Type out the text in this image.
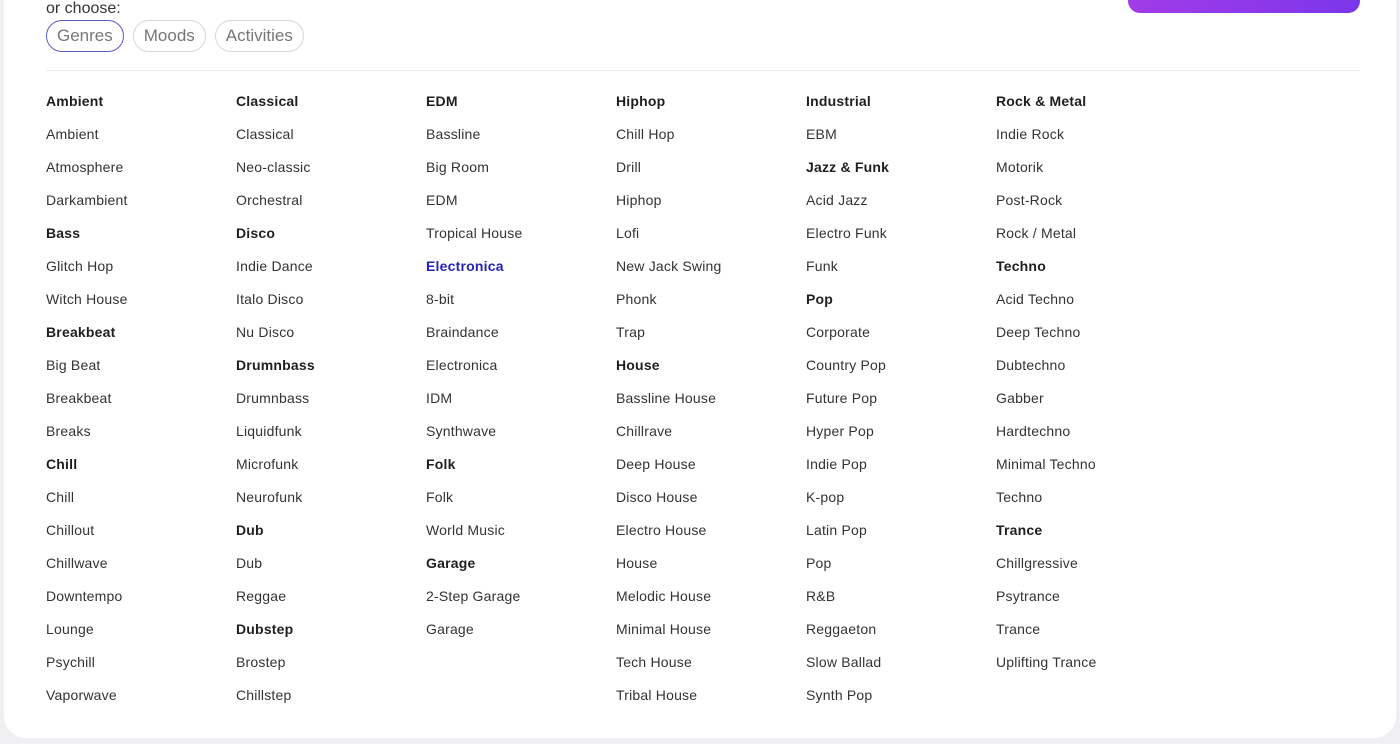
or choose:
Genres	Moods	Activities
Ambient
Ambient
Atmosphere
Darkambient
Bass
Glitch Hop
Witch House
Breakbeat
Big Beat
Breakbeat
Breaks
Chill
Chill
Chillout
Chillwave
Downtempo
Lounge
Psychill
Vaporwave
Classical
Classical
Neo-classic
Orchestral
Disco
Indie Dance
Italo Disco
Nu Disco
Drumnbass
Drumnbass
Liquidfunk
Microfunk
Neurofunk
Dub
Dub
Reggae
Dubstep
Brostep
Chillstep
EDM
Bassline
Big Room
EDM
Tropical House
Electronica
8-bit
Braindance
Electronica
IDM
Synthwave
Folk
Folk
World Music
Garage
2-Step Garage
Garage
Hiphop
Chill Hop
Drill
Hiphop
Lofi
New Jack Swing
Phonk
Trap
House
Bassline House
Chillrave
Deep House
Disco House
Electro House
House
Melodic House
Minimal House
Tech House
Tribal House
Industrial
EBM
Jazz & Funk
Acid Jazz
Electro Funk
Funk
Pop
Corporate
Country Pop
Future Pop
Hyper Pop
Indie Pop
K-pop
Latin Pop
Pop
R&B
Reggaeton
Slow Ballad
Synth Pop
Rock & Metal
Indie Rock
Motorik
Post-Rock
Rock / Metal
Techno
Acid Techno
Deep Techno
Dubtechno
Gabber
Hardtechno
Minimal Techno
Techno
Trance
Chillgressive
Psytrance
Trance
Uplifting Trance
